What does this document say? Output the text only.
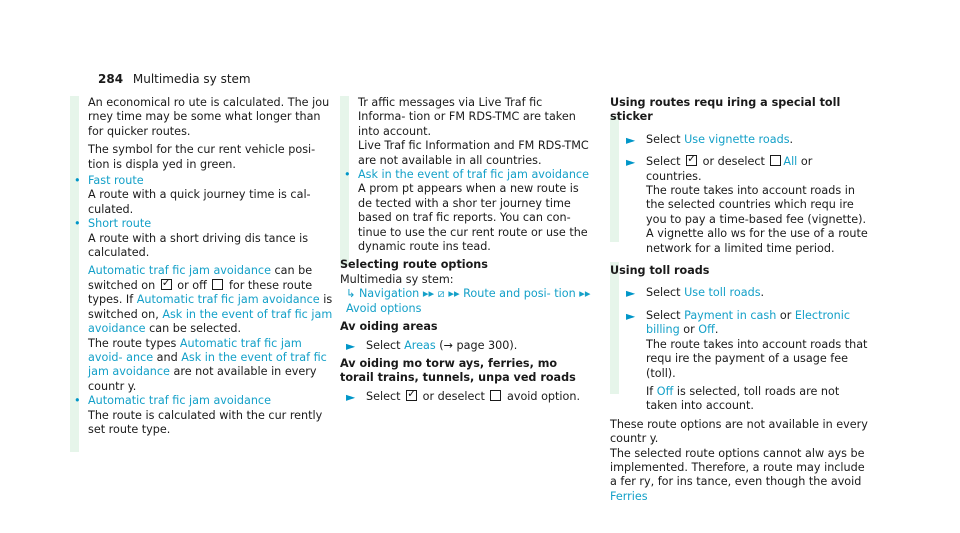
284 Multimedia sy stem

An economical ro ute is calculated. The jou rney time may be some what longer than for quicker routes.

The symbol for the cur rent vehicle posi‐ tion is displa yed in green.

• Fast route

A route with a quick journey time is cal‐ culated.

• Short route

A route with a short driving dis tance is calculated.

Automatic traf fic jam avoidance can be switched on ✓ or off  for these route types. If Automatic traf fic jam avoidance is switched on, Ask in the event of traf fic jam avoidance can be selected.

The route types Automatic traf fic jam avoid‐ ance and Ask in the event of traf fic jam avoidance are not available in every countr y.

• Automatic traf fic jam avoidance

The route is calculated with the cur rently set route type.

Tr affic messages via Live Traf fic Informa‐ tion or FM RDS-TMC are taken into account.

Live Traf fic Information and FM RDS-TMC are not available in all countries.

• Ask in the event of traf fic jam avoidance

A prom pt appears when a new route is de tected with a shor ter journey time based on traf fic reports. You can con‐ tinue to use the cur rent route or use the dynamic route ins tead.

Selecting route options

Multimedia sy stem:

↳ Navigation ▸▸ ⧄ ▸▸ Route and posi‐ tion ▸▸ Avoid options

Av oiding areas

► Select Areas (→ page 300).

Av oiding mo torw ays, ferries, mo torail trains, tunnels, unpa ved roads

► Select ✓ or deselect  avoid option.

Using routes requ iring a special toll sticker

► Select Use vignette roads.
► Select ✓ or deselect All or countries.

The route takes into account roads in the selected countries which requ ire you to pay a time-based fee (vignette). A vignette allo ws for the use of a route network for a limited time period.

Using toll roads

► Select Use toll roads.
► Select Payment in cash or Electronic billing or Off.

The route takes into account roads that requ ire the payment of a usage fee (toll).

If Off is selected, toll roads are not taken into account.

These route options are not available in every countr y.

The selected route options cannot alw ays be implemented. Therefore, a route may include a fer ry, for ins tance, even though the avoid Ferries
